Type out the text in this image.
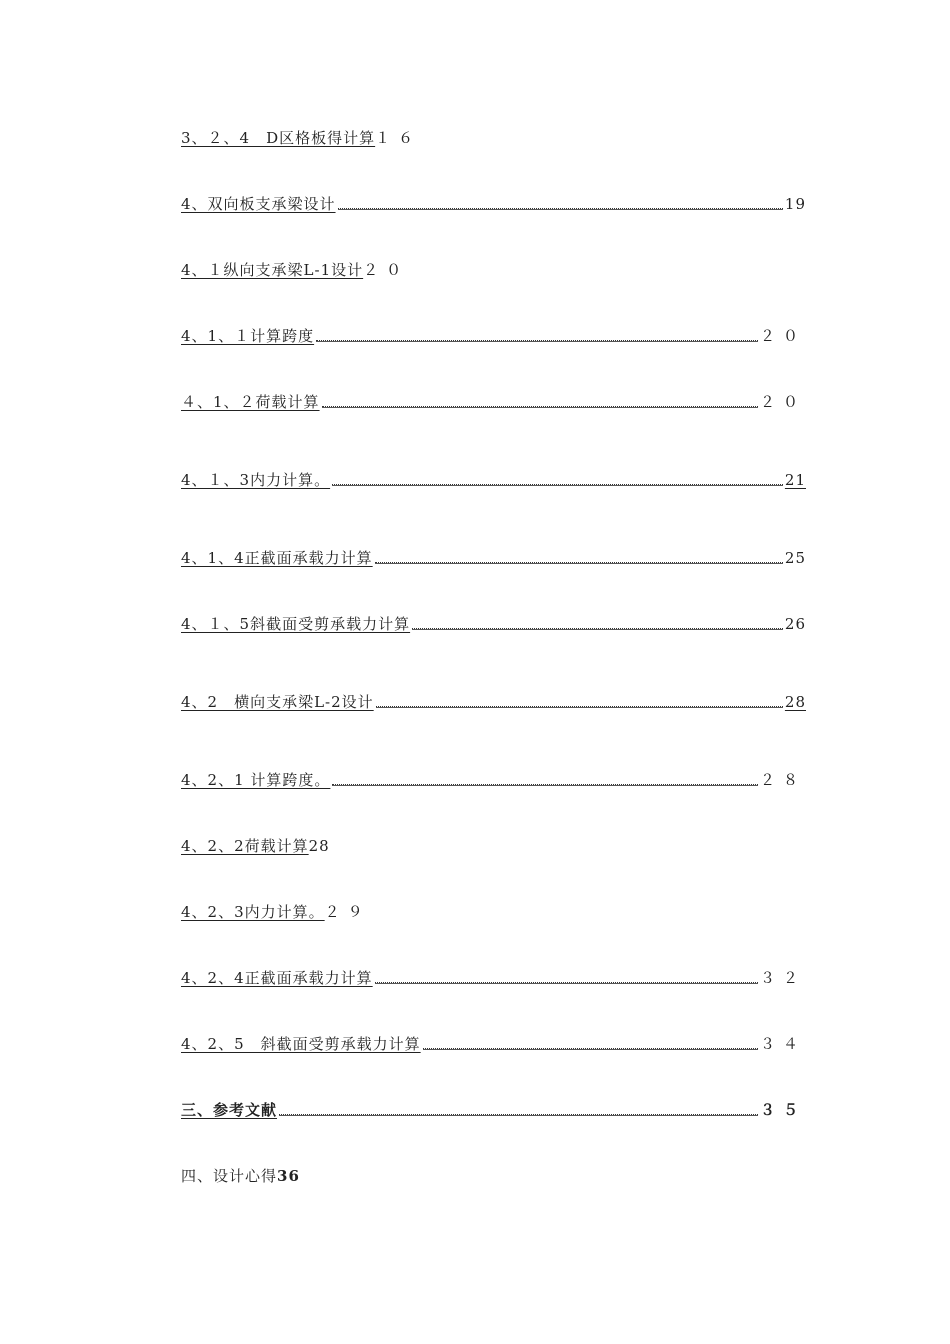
3、２、4　D区格板得计算 １６
4、双向板支承梁设计	19
4、１纵向支承梁L-1设计 ２０
4、1、１计算跨度	２０
４、1、２荷载计算	２０
4、１、3内力计算。	21
4、1、4正截面承载力计算	25
4、１、5斜截面受剪承载力计算	26
4、2　横向支承梁L-2设计	28
4、2、1 计算跨度。	２８
4、2、2荷载计算 28
4、2、3内力计算。 ２９
4、2、4正截面承载力计算	３２
4、2、5　斜截面受剪承载力计算	３４
三、参考文献	３５
四、设计心得 36
